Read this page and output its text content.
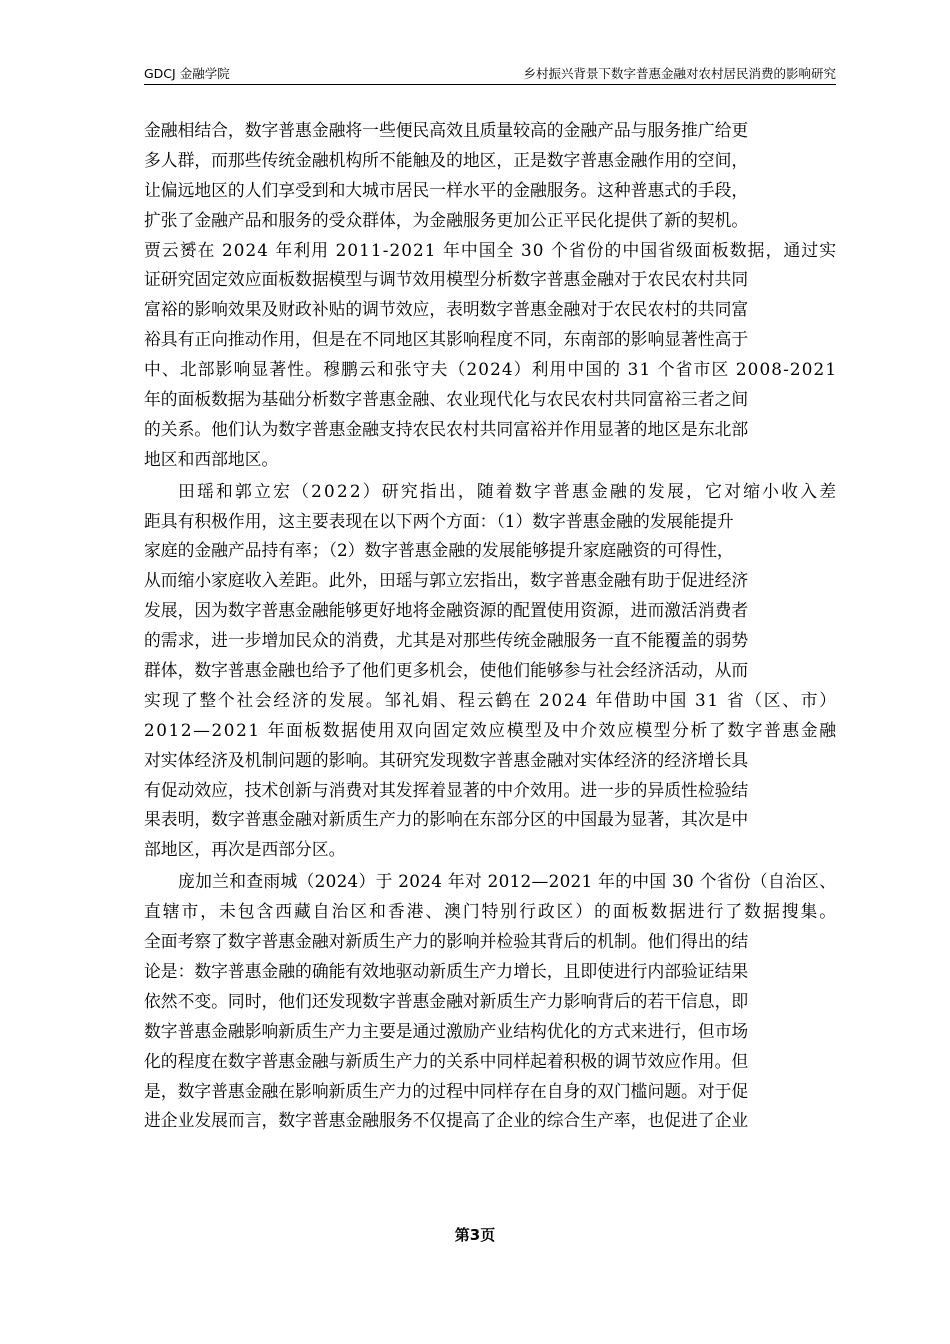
GDCJ 金融学院	乡村振兴背景下数字普惠金融对农村居民消费的影响研究
金融相结合，数字普惠金融将一些便民高效且质量较高的金融产品与服务推广给更
多人群，而那些传统金融机构所不能触及的地区，正是数字普惠金融作用的空间，
让偏远地区的人们享受到和大城市居民一样水平的金融服务。这种普惠式的手段，
扩张了金融产品和服务的受众群体，为金融服务更加公正平民化提供了新的契机。
贾云赟在 2024 年利用 2011-2021 年中国全 30 个省份的中国省级面板数据，通过实
证研究固定效应面板数据模型与调节效用模型分析数字普惠金融对于农民农村共同
富裕的影响效果及财政补贴的调节效应，表明数字普惠金融对于农民农村的共同富
裕具有正向推动作用，但是在不同地区其影响程度不同，东南部的影响显著性高于
中、北部影响显著性。穆鹏云和张守夫（2024）利用中国的 31 个省市区 2008-2021
年的面板数据为基础分析数字普惠金融、农业现代化与农民农村共同富裕三者之间
的关系。他们认为数字普惠金融支持农民农村共同富裕并作用显著的地区是东北部
地区和西部地区。
田瑶和郭立宏（2022）研究指出，随着数字普惠金融的发展，它对缩小收入差
距具有积极作用，这主要表现在以下两个方面：（1）数字普惠金融的发展能提升
家庭的金融产品持有率；（2）数字普惠金融的发展能够提升家庭融资的可得性，
从而缩小家庭收入差距。此外，田瑶与郭立宏指出，数字普惠金融有助于促进经济
发展，因为数字普惠金融能够更好地将金融资源的配置使用资源，进而激活消费者
的需求，进一步增加民众的消费，尤其是对那些传统金融服务一直不能覆盖的弱势
群体，数字普惠金融也给予了他们更多机会，使他们能够参与社会经济活动，从而
实现了整个社会经济的发展。邹礼娟、程云鹤在 2024 年借助中国 31 省（区、市）
2012—2021 年面板数据使用双向固定效应模型及中介效应模型分析了数字普惠金融
对实体经济及机制问题的影响。其研究发现数字普惠金融对实体经济的经济增长具
有促动效应，技术创新与消费对其发挥着显著的中介效用。进一步的异质性检验结
果表明，数字普惠金融对新质生产力的影响在东部分区的中国最为显著，其次是中
部地区，再次是西部分区。
庞加兰和查雨城（2024）于 2024 年对 2012—2021 年的中国 30 个省份（自治区、
直辖市，未包含西藏自治区和香港、澳门特别行政区）的面板数据进行了数据搜集。
全面考察了数字普惠金融对新质生产力的影响并检验其背后的机制。他们得出的结
论是：数字普惠金融的确能有效地驱动新质生产力增长，且即使进行内部验证结果
依然不变。同时，他们还发现数字普惠金融对新质生产力影响背后的若干信息，即
数字普惠金融影响新质生产力主要是通过激励产业结构优化的方式来进行，但市场
化的程度在数字普惠金融与新质生产力的关系中同样起着积极的调节效应作用。但
是，数字普惠金融在影响新质生产力的过程中同样存在自身的双门槛问题。对于促
进企业发展而言，数字普惠金融服务不仅提高了企业的综合生产率，也促进了企业
第3页
